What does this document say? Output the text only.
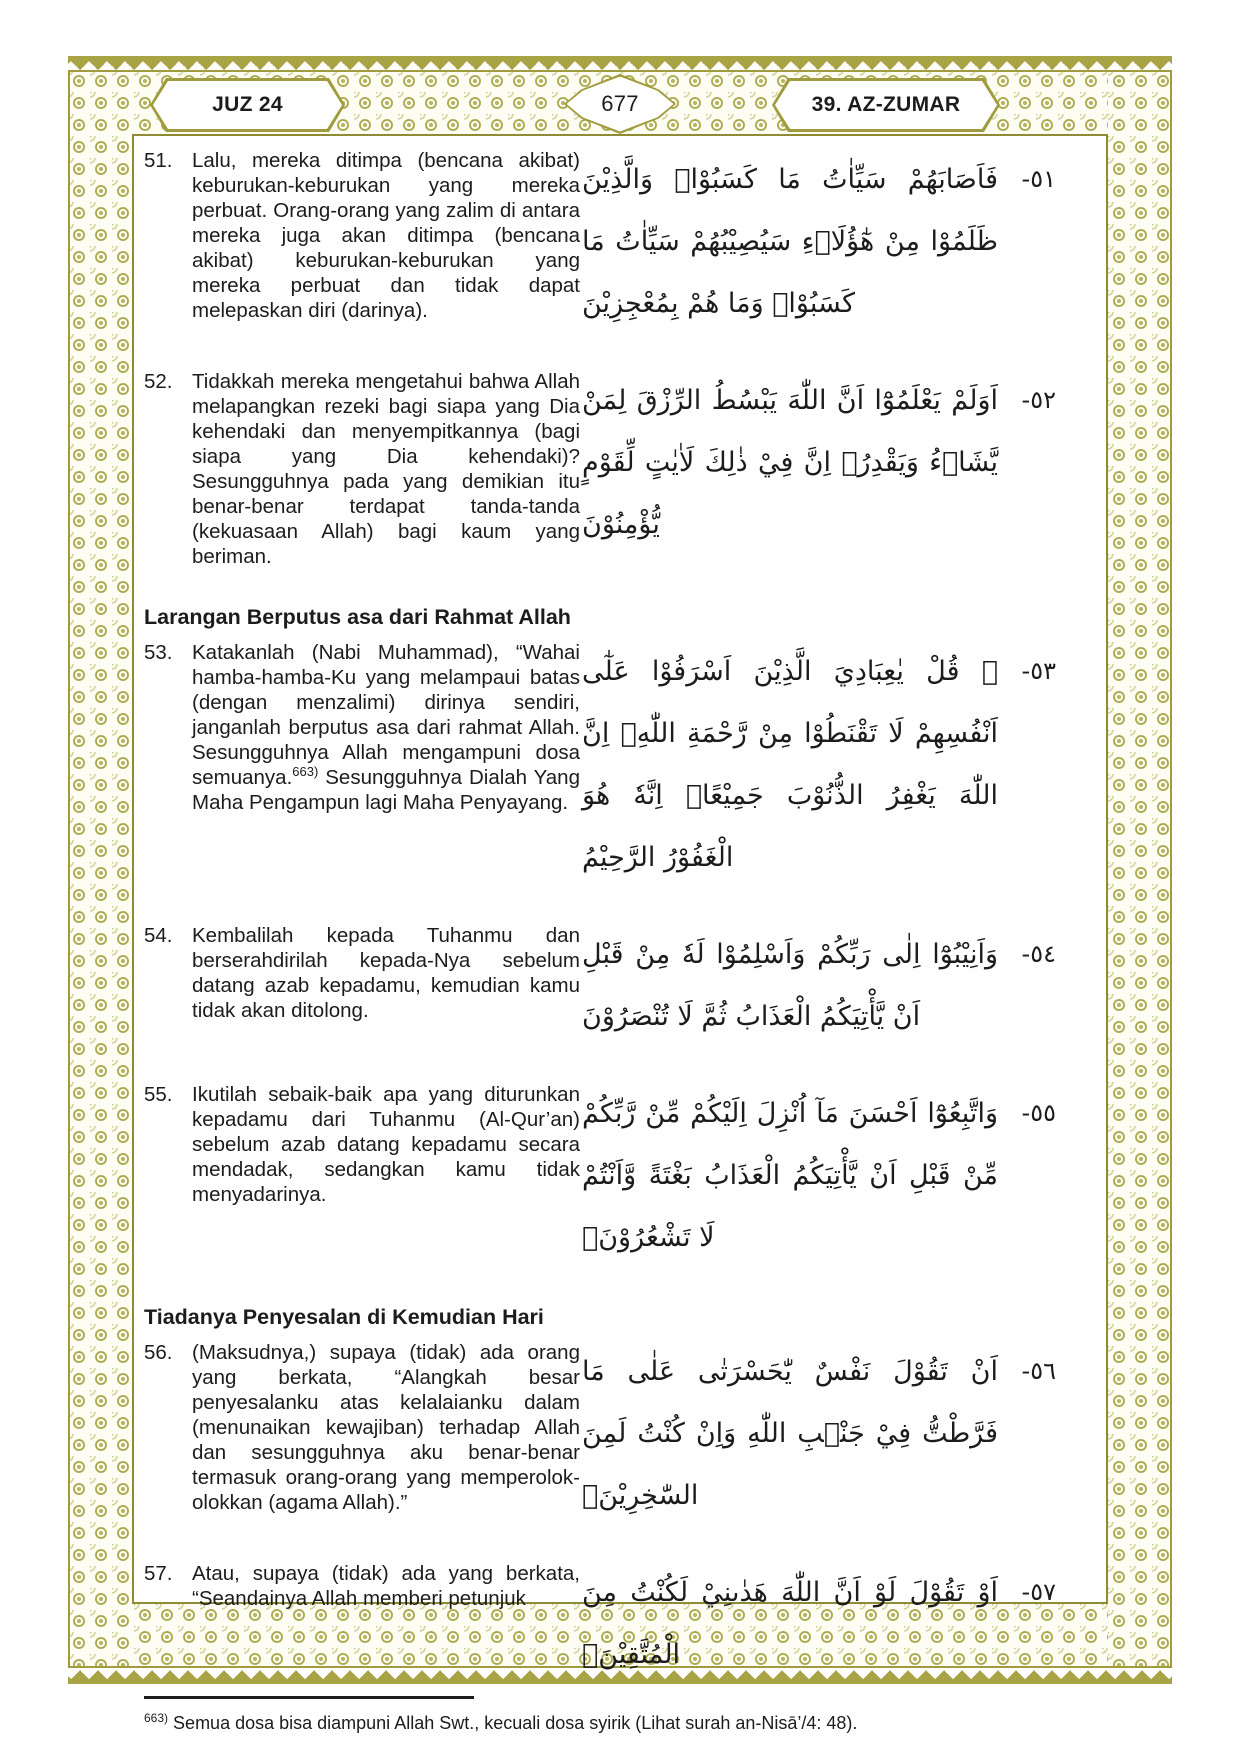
JUZ 24	677	39. AZ-ZUMAR
51. Lalu, mereka ditimpa (bencana akibat) keburukan-keburukan yang mereka perbuat. Orang-orang yang zalim di antara mereka juga akan ditimpa (bencana akibat) keburukan-keburukan yang mereka perbuat dan tidak dapat melepaskan diri (darinya).
٥١-
فَاَصَابَهُمْ سَيِّاٰتُ مَا كَسَبُوْاۗ وَالَّذِيْنَ ظَلَمُوْا مِنْ هٰٓؤُلَاۤءِ سَيُصِيْبُهُمْ سَيِّاٰتُ مَا كَسَبُوْاۙ وَمَا هُمْ بِمُعْجِزِيْنَ
52. Tidakkah mereka mengetahui bahwa Allah melapangkan rezeki bagi siapa yang Dia kehendaki dan menyempitkannya (bagi siapa yang Dia kehendaki)? Sesungguhnya pada yang demikian itu benar-benar terdapat tanda-tanda (kekuasaan Allah) bagi kaum yang beriman.
٥٢-
اَوَلَمْ يَعْلَمُوْٓا اَنَّ اللّٰهَ يَبْسُطُ الرِّزْقَ لِمَنْ يَّشَاۤءُ وَيَقْدِرُۗ اِنَّ فِيْ ذٰلِكَ لَاٰيٰتٍ لِّقَوْمٍ يُّؤْمِنُوْنَ
Larangan Berputus asa dari Rahmat Allah
53. Katakanlah (Nabi Muhammad), “Wahai hamba-hamba-Ku yang melampaui batas (dengan menzalimi) dirinya sendiri, janganlah berputus asa dari rahmat Allah. Sesungguhnya Allah mengampuni dosa semuanya.$^{663)}$ Sesungguhnya Dialah Yang Maha Pengampun lagi Maha Penyayang.
٥٣-
۞ قُلْ يٰعِبَادِيَ الَّذِيْنَ اَسْرَفُوْا عَلٰٓى اَنْفُسِهِمْ لَا تَقْنَطُوْا مِنْ رَّحْمَةِ اللّٰهِۗ اِنَّ اللّٰهَ يَغْفِرُ الذُّنُوْبَ جَمِيْعًاۗ اِنَّهٗ هُوَ الْغَفُوْرُ الرَّحِيْمُ
54. Kembalilah kepada Tuhanmu dan berserahdirilah kepada-Nya sebelum datang azab kepadamu, kemudian kamu tidak akan ditolong.
٥٤-
وَاَنِيْبُوْٓا اِلٰى رَبِّكُمْ وَاَسْلِمُوْا لَهٗ مِنْ قَبْلِ اَنْ يَّأْتِيَكُمُ الْعَذَابُ ثُمَّ لَا تُنْصَرُوْنَ
55. Ikutilah sebaik-baik apa yang diturunkan kepadamu dari Tuhanmu (Al-Qur’an) sebelum azab datang kepadamu secara mendadak, sedangkan kamu tidak menyadarinya.
٥٥-
وَاتَّبِعُوْٓا اَحْسَنَ مَآ اُنْزِلَ اِلَيْكُمْ مِّنْ رَّبِّكُمْ مِّنْ قَبْلِ اَنْ يَّأْتِيَكُمُ الْعَذَابُ بَغْتَةً وَّاَنْتُمْ لَا تَشْعُرُوْنَۙ
Tiadanya Penyesalan di Kemudian Hari
56. (Maksudnya,) supaya (tidak) ada orang yang berkata, “Alangkah besar penyesalanku atas kelalaianku dalam (menunaikan kewajiban) terhadap Allah dan sesungguhnya aku benar-benar termasuk orang-orang yang memperolok-olokkan (agama Allah).”
٥٦-
اَنْ تَقُوْلَ نَفْسٌ يّٰحَسْرَتٰى عَلٰى مَا فَرَّطْتُّ فِيْ جَنْۢبِ اللّٰهِ وَاِنْ كُنْتُ لَمِنَ السّٰخِرِيْنَۙ
57. Atau, supaya (tidak) ada yang berkata, “Seandainya Allah memberi petunjuk	٥٧-
اَوْ تَقُوْلَ لَوْ اَنَّ اللّٰهَ هَدٰىنِيْ لَكُنْتُ مِنَ الْمُتَّقِيْنَۙ
$^{663)}$ Semua dosa bisa diampuni Allah Swt., kecuali dosa syirik (Lihat surah an-Nisā’/4: 48).
